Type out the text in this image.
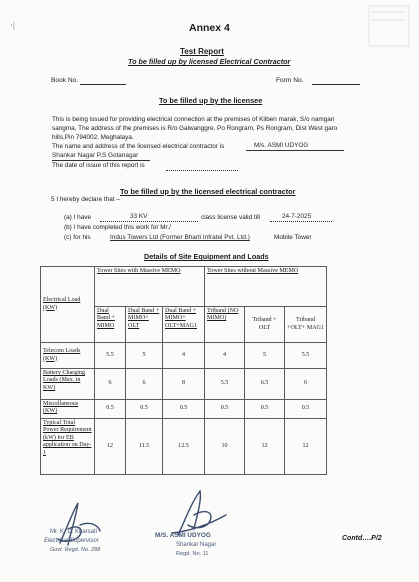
·|	Annex 4
Test Report
To be filled up by licensed Electrical Contractor
Book No.	Form No.
To be filled up by the licensee
This is being issued for providing electrical connection at the premises of Kilben marak, S/o namgan
sangma, The address of the premises is R/o Galwanggre, Po Rongram, Ps Rongram, Dist West garo
hills,Pin 794002, Meghalaya.
The name and address of the licensed electrical contractor is	M/s. ASMI UDYOG
Shankar Nagar P.S Gotanagar
The date of issue of this report is
To be filled up by the licensed electrical contractor
5 I hereby declare that –
(a) I have	33 KV	class license valid till	24-7-2025
(b) I have completed this work for Mr./
(c) for his	Indus Towers Ltd (Former Bharti Infratel Pvt. Ltd.)	Mobile Tower
Details of Site Equipment and Loads
Electrical Load (KW)	Tower Sites with Massive MEMO			Tower Sites without Massive MEMO		
	Dual Band + MIMO	Dual Band + MIMO+ OLT	Dual Band + MIMO+ OLT+MAG1	Triband (NO MIMO)	Triband + OLT	Triband +OLT+ MAG1
Telecom Loads (KW)	5.5	5	4	4	5	5.5
Battery Charging Loads (Max. in KW)	6	6	8	5.5	6.5	6
Miscellaneous (KW)	0.5	0.5	0.5	0.5	0.5	0.5
Typical Total Power Requirement (kW) for EB application on Day-1	12	11.5	12.5	10	12	12
Mr. K. D. Kharsati
Electrical Supervisor
Govt. Regd. No. 288
M/S. ASMI UDYOG
Shankar Nagar
Regd. No. 11
Contd….P/2
